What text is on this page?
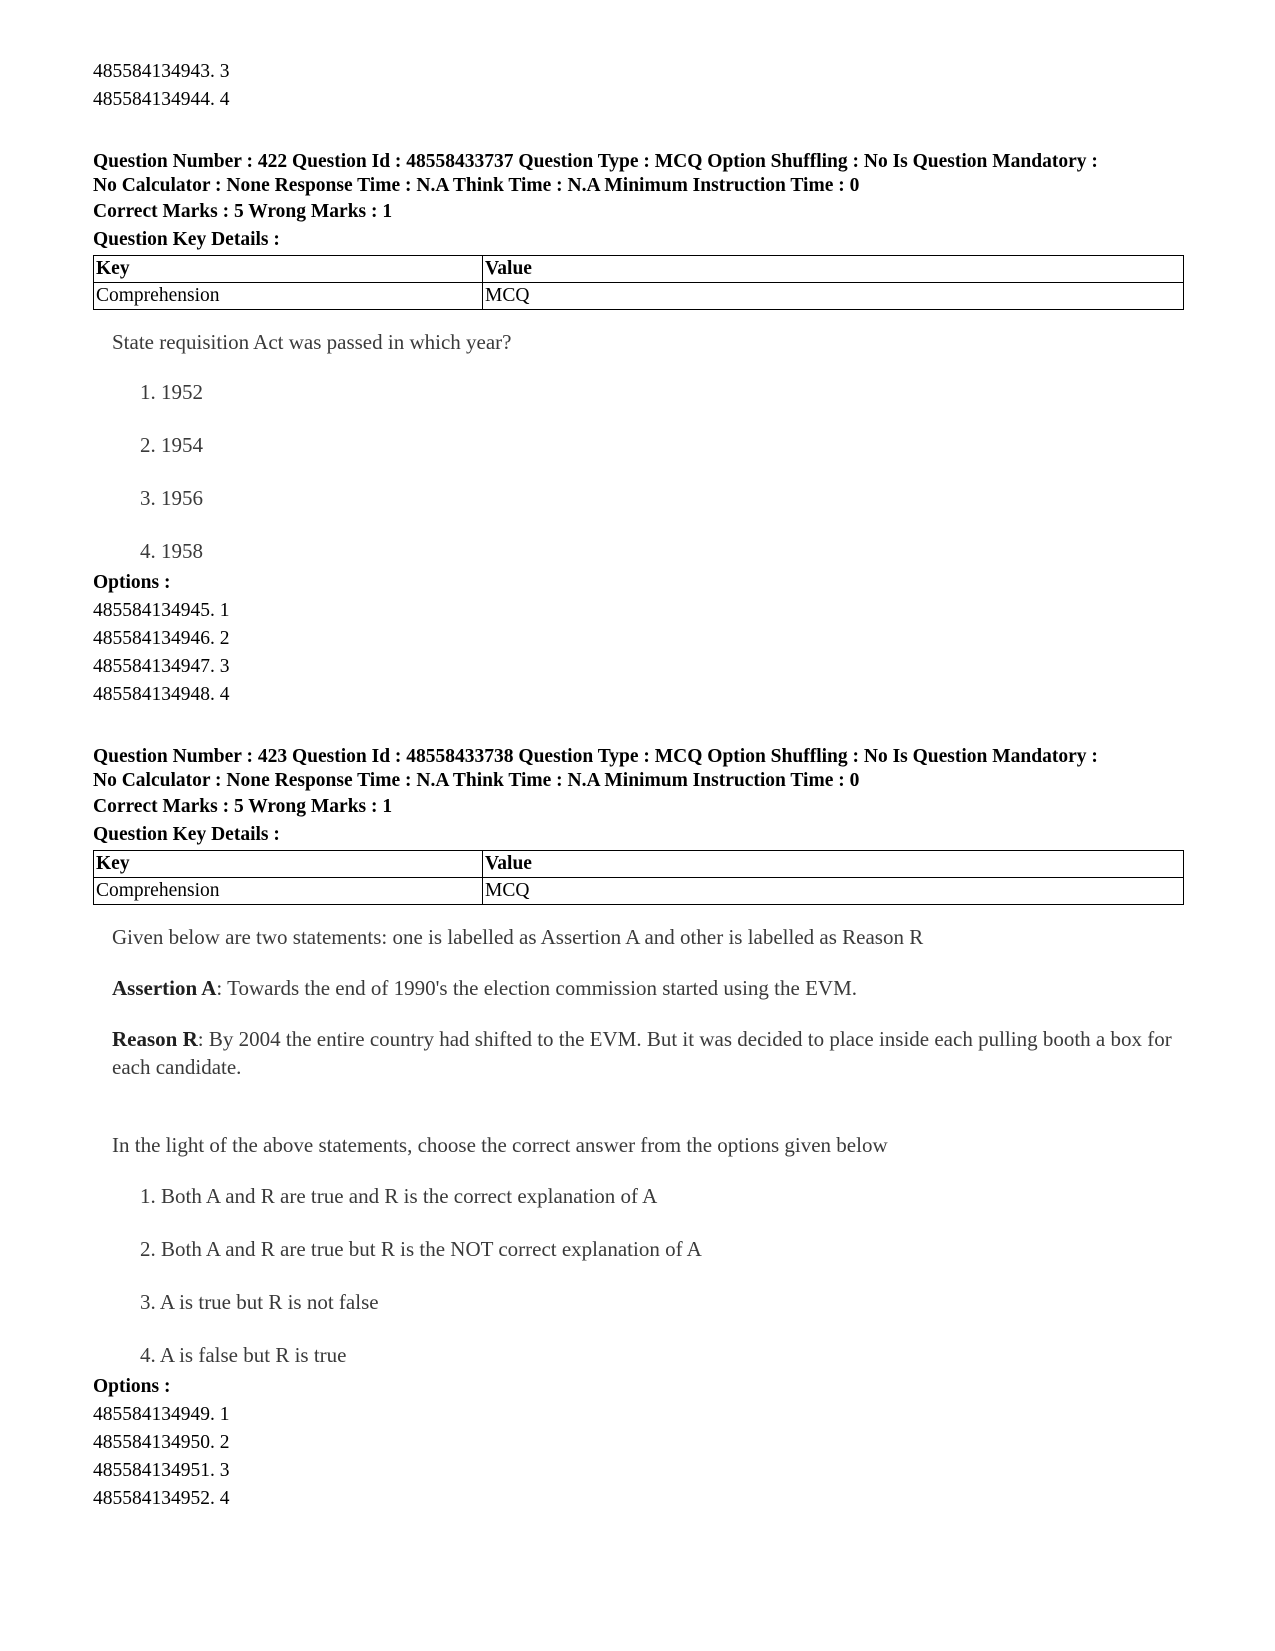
485584134943. 3
485584134944. 4
Question Number : 422 Question Id : 48558433737 Question Type : MCQ Option Shuffling : No Is Question Mandatory :
No Calculator : None Response Time : N.A Think Time : N.A Minimum Instruction Time : 0
Correct Marks : 5 Wrong Marks : 1
Question Key Details :
Key	Value
Comprehension	MCQ
State requisition Act was passed in which year?
1. 1952
2. 1954
3. 1956
4. 1958
Options :
485584134945. 1
485584134946. 2
485584134947. 3
485584134948. 4
Question Number : 423 Question Id : 48558433738 Question Type : MCQ Option Shuffling : No Is Question Mandatory :
No Calculator : None Response Time : N.A Think Time : N.A Minimum Instruction Time : 0
Correct Marks : 5 Wrong Marks : 1
Question Key Details :
Key	Value
Comprehension	MCQ
Given below are two statements: one is labelled as Assertion A and other is labelled as Reason R
Assertion A: Towards the end of 1990's the election commission started using the EVM.
Reason R: By 2004 the entire country had shifted to the EVM. But it was decided to place inside each pulling booth a box for each candidate.
In the light of the above statements, choose the correct answer from the options given below
1. Both A and R are true and R is the correct explanation of A
2. Both A and R are true but R is the NOT correct explanation of A
3. A is true but R is not false
4. A is false but R is true
Options :
485584134949. 1
485584134950. 2
485584134951. 3
485584134952. 4
